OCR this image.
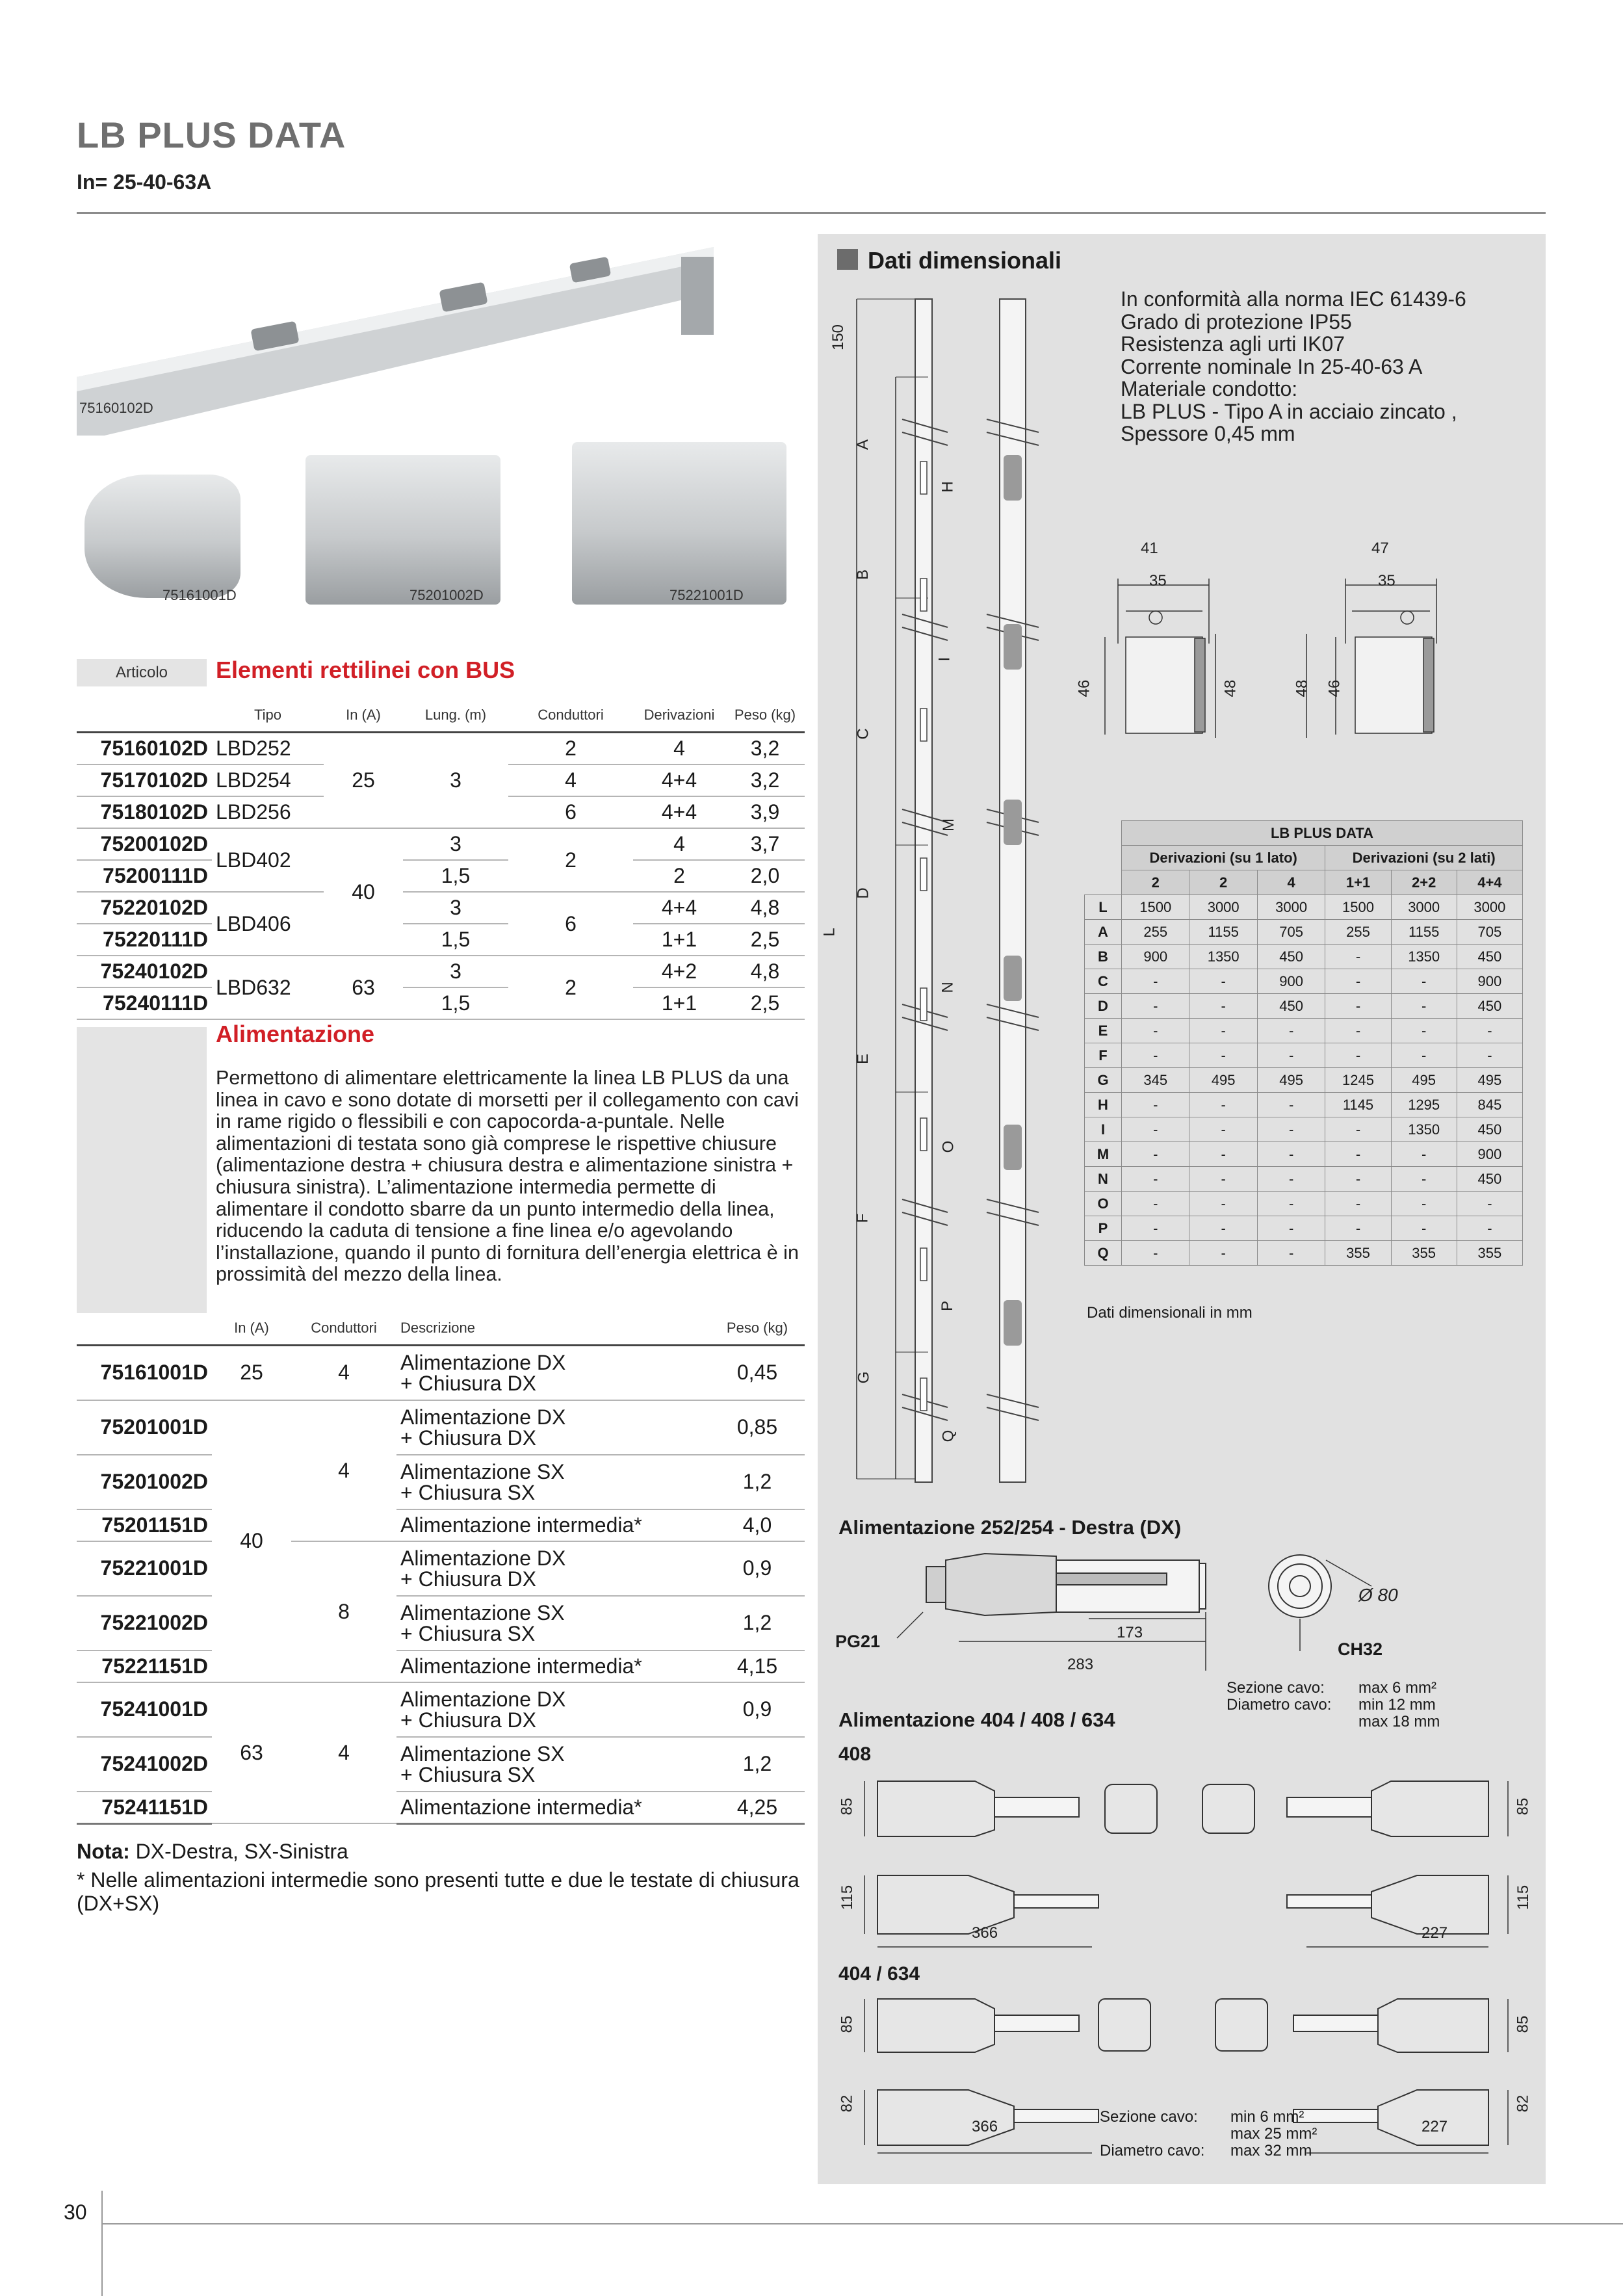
LB PLUS DATA
In= 25-40-63A
75160102D
75161001D	75201002D	75221001D
Articolo	Elementi rettilinei con BUS
	Tipo	In (A)	Lung. (m)	Conduttori	Derivazioni	Peso (kg)
75160102D	LBD252	25	3	2	4	3,2
75170102D	LBD254			4	4+4	3,2
75180102D	LBD256			6	4+4	3,9
75200102D	LBD402	40	3	2	4	3,7
75200111D			1,5		2	2,0
75220102D	LBD406		3	6	4+4	4,8
75220111D			1,5		1+1	2,5
75240102D	LBD632	63	3	2	4+2	4,8
75240111D			1,5		1+1	2,5
Alimentazione
Permettono di alimentare elettricamente la linea LB PLUS da una linea in cavo e sono dotate di morsetti per il collegamento con cavi in rame rigido o flessibili e con capocorda-a-puntale. Nelle alimentazioni di testata sono già comprese le rispettive chiusure (alimentazione destra + chiusura destra e alimentazione sinistra + chiusura sinistra). L’alimentazione intermedia permette di alimentare il condotto sbarre da un punto intermedio della linea, riducendo la caduta di tensione a fine linea e/o agevolando l’installazione, quando il punto di fornitura dell’energia elettrica è in prossimità del mezzo della linea.
	In (A)	Conduttori	Descrizione	Peso (kg)
75161001D	25	4	Alimentazione DX
+ Chiusura DX	0,45
75201001D	40	4	Alimentazione DX
+ Chiusura DX	0,85
75201002D			Alimentazione SX
+ Chiusura SX	1,2
75201151D			Alimentazione intermedia*	4,0
75221001D		8	Alimentazione DX
+ Chiusura DX	0,9
75221002D			Alimentazione SX
+ Chiusura SX	1,2
75221151D			Alimentazione intermedia*	4,15
75241001D	63	4	Alimentazione DX
+ Chiusura DX	0,9
75241002D			Alimentazione SX
+ Chiusura SX	1,2
75241151D			Alimentazione intermedia*	4,25
Nota: DX-Destra, SX-Sinistra
* Nelle alimentazioni intermedie sono presenti tutte e due le testate di chiusura (DX+SX)
Dati dimensionali
In conformità alla norma IEC 61439-6
Grado di protezione IP55
Resistenza agli urti IK07
Corrente nominale In 25-40-63 A
Materiale condotto:
LB PLUS - Tipo A in acciaio zincato ,
Spessore 0,45 mm
150
A
H
B
I
C
M
D
L
N
E
O
F
P
G
Q
41
35
46	48
47
35
48 46
	LB PLUS DATA					
	Derivazioni (su 1 lato)			Derivazioni (su 2 lati)		
	2	2	4	1+1	2+2	4+4
L	1500	3000	3000	1500	3000	3000
A	255	1155	705	255	1155	705
B	900	1350	450	-	1350	450
C	-	-	900	-	-	900
D	-	-	450	-	-	450
E	-	-	-	-	-	-
F	-	-	-	-	-	-
G	345	495	495	1245	495	495
H	-	-	-	1145	1295	845
I	-	-	-	-	1350	450
M	-	-	-	-	-	900
N	-	-	-	-	-	450
O	-	-	-	-	-	-
P	-	-	-	-	-	-
Q	-	-	-	355	355	355
Dati dimensionali in mm
Alimentazione 252/254 - Destra (DX)
PG21	173
283
Ø 80
CH32
Sezione cavo: max 6 mm²
Diametro cavo: min 12 mm
max 18 mm
Alimentazione 404 / 408 / 634
408
85	85
115	115
366	227
404 / 634
85	85
82	82
366	227
Sezione cavo: min 6 mm²
max 25 mm²
Diametro cavo: max 32 mm
30
